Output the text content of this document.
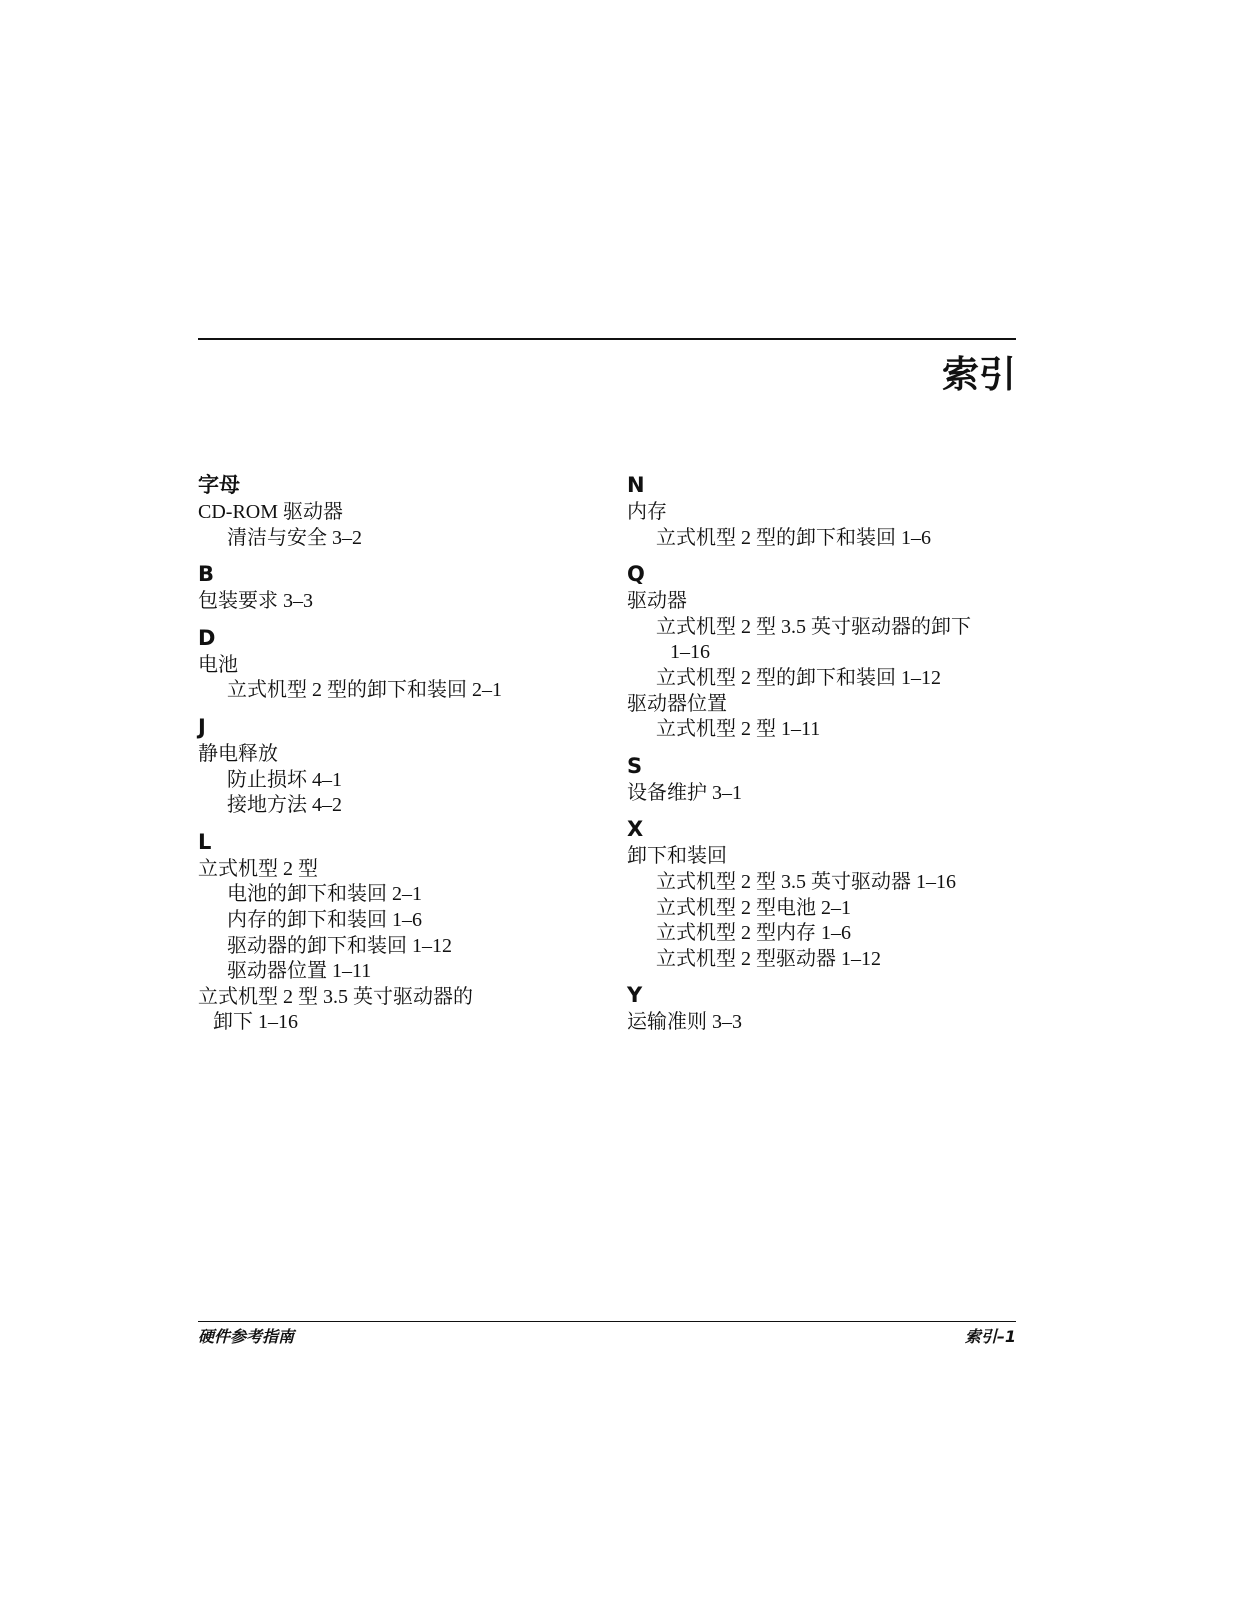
索引
字母
CD-ROM 驱动器
清洁与安全 3–2
B
包装要求 3–3
D
电池
立式机型 2 型的卸下和装回 2–1
J
静电释放
防止损坏 4–1
接地方法 4–2
L
立式机型 2 型
电池的卸下和装回 2–1
内存的卸下和装回 1–6
驱动器的卸下和装回 1–12
驱动器位置 1–11
立式机型 2 型 3.5 英寸驱动器的
卸下 1–16
N
内存
立式机型 2 型的卸下和装回 1–6
Q
驱动器
立式机型 2 型 3.5 英寸驱动器的卸下
1–16
立式机型 2 型的卸下和装回 1–12
驱动器位置
立式机型 2 型 1–11
S
设备维护 3–1
X
卸下和装回
立式机型 2 型 3.5 英寸驱动器 1–16
立式机型 2 型电池 2–1
立式机型 2 型内存 1–6
立式机型 2 型驱动器 1–12
Y
运输准则 3–3
硬件参考指南	索引–1
